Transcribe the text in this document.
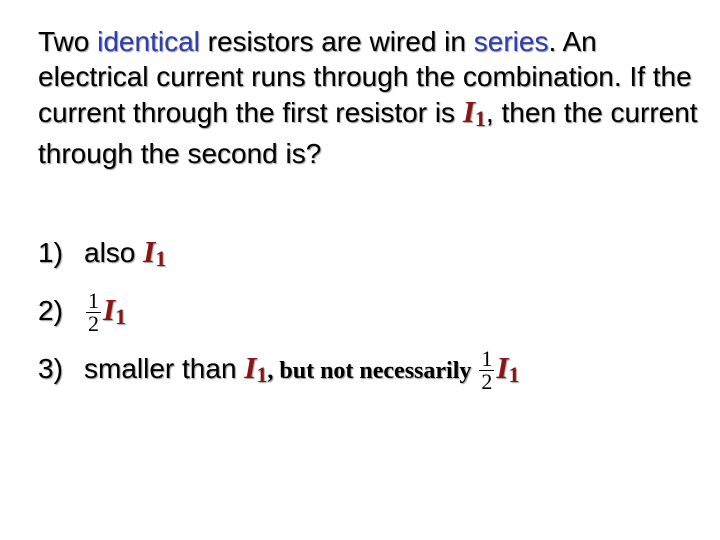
Two identical resistors are wired in series. An electrical current runs through the combination. If the current through the first resistor is $I_1$, then the current through the second is?
1) also $I_1$
$2) \frac{1}{2} I_1$
3) smaller than $I_1$, but not necessarily $\frac{1}{2} I_1$
